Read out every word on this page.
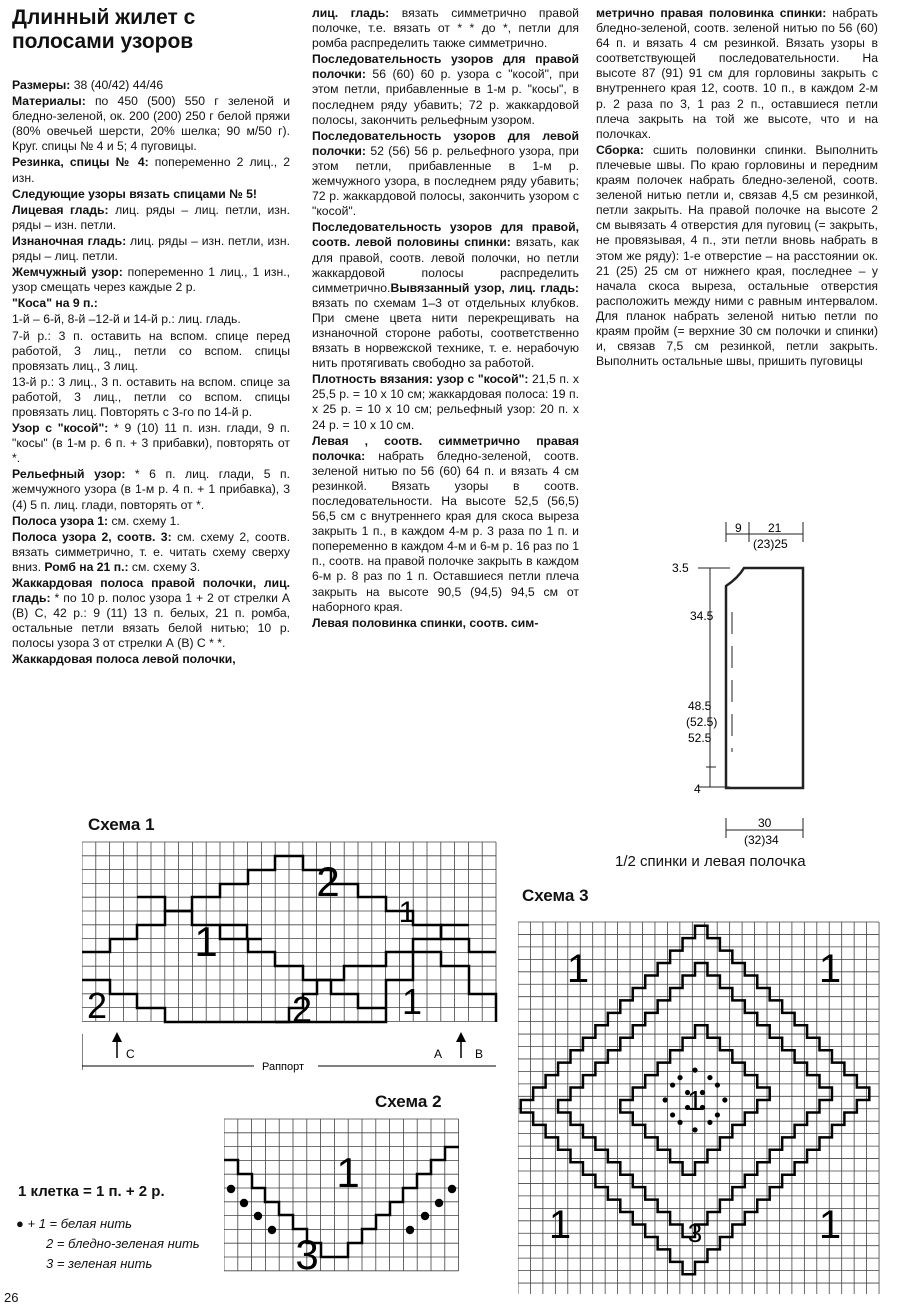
Длинный жилет с полосами узоров

Размеры: 38 (40/42) 44/46

Материалы: по 450 (500) 550 г зеленой и бледно-зеленой, ок. 200 (200) 250 г белой пряжи (80% овечьей шерсти, 20% шелка; 90 м/50 г). Круг. спицы № 4 и 5; 4 пуговицы.

Резинка, спицы № 4: попеременно 2 лиц., 2 изн.

Следующие узоры вязать спицами № 5!

Лицевая гладь: лиц. ряды – лиц. петли, изн. ряды – изн. петли.

Изнаночная гладь: лиц. ряды – изн. петли, изн. ряды – лиц. петли.

Жемчужный узор: попеременно 1 лиц., 1 изн., узор смещать через каждые 2 р.

"Коса" на 9 п.:

1-й – 6-й, 8-й –12-й и 14-й р.: лиц. гладь.

7-й р.: 3 п. оставить на вспом. спице перед работой, 3 лиц., петли со вспом. спицы провязать лиц., 3 лиц.

13-й р.: 3 лиц., 3 п. оставить на вспом. спице за работой, 3 лиц., петли со вспом. спицы провязать лиц. Повторять с 3-го по 14-й р.

Узор с "косой": * 9 (10) 11 п. изн. глади, 9 п. "косы" (в 1-м р. 6 п. + 3 прибавки), повторять от *.

Рельефный узор: * 6 п. лиц. глади, 5 п. жемчужного узора (в 1-м р. 4 п. + 1 прибавка), 3 (4) 5 п. лиц. глади, повторять от *.

Полоса узора 1: см. схему 1.

Полоса узора 2, соотв. 3: см. схему 2, соотв. вязать симметрично, т. е. читать схему сверху вниз. Ромб на 21 п.: см. схему 3.

Жаккардовая полоса правой полочки, лиц. гладь: * по 10 р. полос узора 1 + 2 от стрелки А (В) С, 42 р.: 9 (11) 13 п. белых, 21 п. ромба, остальные петли вязать белой нитью; 10 р. полосы узора 3 от стрелки А (В) С * *.

Жаккардовая полоса левой полочки,

лиц. гладь: вязать симметрично правой полочке, т.е. вязать от * * до *, петли для ромба распределить также симметрично.

Последовательность узоров для правой полочки: 56 (60) 60 р. узора с "косой", при этом петли, прибавленные в 1-м р. "косы", в последнем ряду убавить; 72 р. жаккардовой полосы, закончить рельефным узором.

Последовательность узоров для левой полочки: 52 (56) 56 р. рельефного узора, при этом петли, прибавленные в 1-м р. жемчужного узора, в последнем ряду убавить; 72 р. жаккардовой полосы, закончить узором с "косой".

Последовательность узоров для правой, соотв. левой половины спинки: вязать, как для правой, соотв. левой полочки, но петли жаккардовой полосы распределить симметрично.Вывязанный узор, лиц. гладь: вязать по схемам 1–3 от отдельных клубков. При смене цвета нити перекрещивать на изнаночной стороне работы, соответственно вязать в норвежской технике, т. е. нерабочую нить протягивать свободно за работой.

Плотность вязания: узор с "косой": 21,5 п. х 25,5 р. = 10 х 10 см; жаккардовая полоса: 19 п. х 25 р. = 10 х 10 см; рельефный узор: 20 п. х 24 р. = 10 х 10 см.

Левая , соотв. симметрично правая полочка: набрать бледно-зеленой, соотв. зеленой нитью по 56 (60) 64 п. и вязать 4 см резинкой. Вязать узоры в соотв. последовательности. На высоте 52,5 (56,5) 56,5 см с внутреннего края для скоса выреза закрыть 1 п., в каждом 4-м р. 3 раза по 1 п. и попеременно в каждом 4-м и 6-м р. 16 раз по 1 п., соотв. на правой полочке закрыть в каждом 6-м р. 8 раз по 1 п. Оставшиеся петли плеча закрыть на высоте 90,5 (94,5) 94,5 см от наборного края.

Левая половинка спинки, соотв. сим-

метрично правая половинка спинки: набрать бледно-зеленой, соотв. зеленой нитью по 56 (60) 64 п. и вязать 4 см резинкой. Вязать узоры в соответствующей последовательности. На высоте 87 (91) 91 см для горловины закрыть с внутреннего края 12, соотв. 10 п., в каждом 2-м р. 2 раза по 3, 1 раз 2 п., оставшиеся петли плеча закрыть на той же высоте, что и на полочках.

Сборка: сшить половинки спинки. Выполнить плечевые швы. По краю горловины и передним краям полочек набрать бледно-зеленой, соотв. зеленой нитью петли и, связав 4,5 см резинкой, петли закрыть. На правой полочке на высоте 2 см вывязать 4 отверстия для пуговиц (= закрыть, не провязывая, 4 п., эти петли вновь набрать в этом же ряду): 1-е отверстие – на расстоянии ок. 21 (25) 25 см от нижнего края, последнее – у начала скоса выреза, остальные отверстия расположить между ними с равным интервалом. Для планок набрать зеленой нитью петли по краям пройм (= верхние 30 см полочки и спинки) и, связав 7,5 см резинкой, петли закрыть. Выполнить остальные швы, пришить пуговицы

9 21
(23)25
3.5
34.5
48.5
(52.5)
52.5
4
30
(32)34
1/2 спинки и левая полочка
Схема 1
2
1
1
2	2 1
C	A	B
Раппорт
Схема 2
1
3
Схема 3
1	1
1	1
1
3
1 клетка = 1 п. + 2 р.
● + 1 = белая нить
2 = бледно-зеленая нить
3 = зеленая нить
26
